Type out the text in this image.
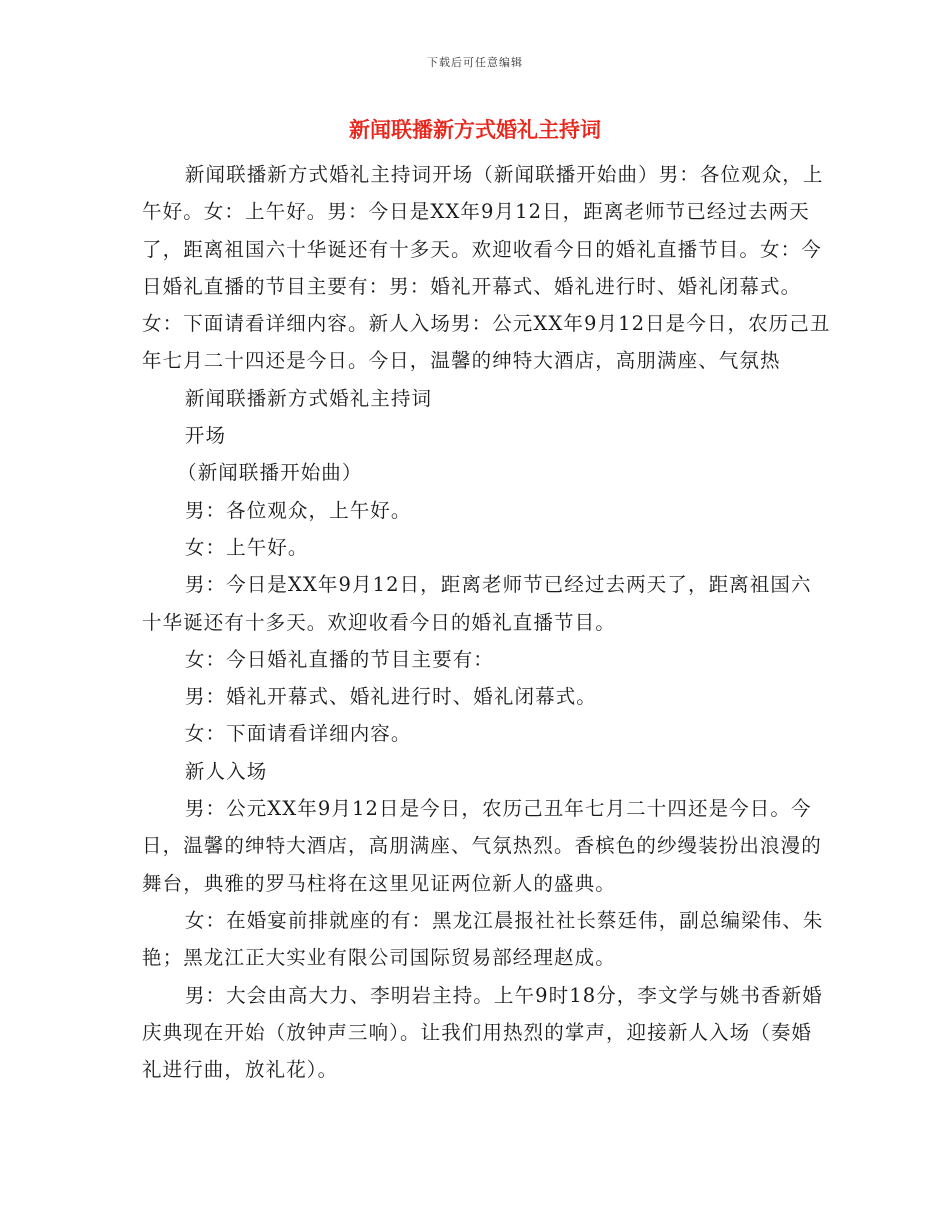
下载后可任意编辑
新闻联播新方式婚礼主持词

新闻联播新方式婚礼主持词开场（新闻联播开始曲）男：各位观众，上午好。女：上午好。男：今日是XX年9月12日，距离老师节已经过去两天了，距离祖国六十华诞还有十多天。欢迎收看今日的婚礼直播节目。女：今日婚礼直播的节目主要有：男：婚礼开幕式、婚礼进行时、婚礼闭幕式。女：下面请看详细内容。新人入场男：公元XX年9月12日是今日，农历己丑年七月二十四还是今日。今日，温馨的绅特大酒店，高朋满座、气氛热

新闻联播新方式婚礼主持词

开场

（新闻联播开始曲）

男：各位观众，上午好。

女：上午好。

男：今日是XX年9月12日，距离老师节已经过去两天了，距离祖国六十华诞还有十多天。欢迎收看今日的婚礼直播节目。

女：今日婚礼直播的节目主要有：

男：婚礼开幕式、婚礼进行时、婚礼闭幕式。

女：下面请看详细内容。

新人入场

男：公元XX年9月12日是今日，农历己丑年七月二十四还是今日。今日，温馨的绅特大酒店，高朋满座、气氛热烈。香槟色的纱缦装扮出浪漫的舞台，典雅的罗马柱将在这里见证两位新人的盛典。

女：在婚宴前排就座的有：黑龙江晨报社社长蔡廷伟，副总编梁伟、朱艳；黑龙江正大实业有限公司国际贸易部经理赵成。

男：大会由高大力、李明岩主持。上午9时18分，李文学与姚书香新婚庆典现在开始（放钟声三响）。让我们用热烈的掌声，迎接新人入场（奏婚礼进行曲，放礼花）。
